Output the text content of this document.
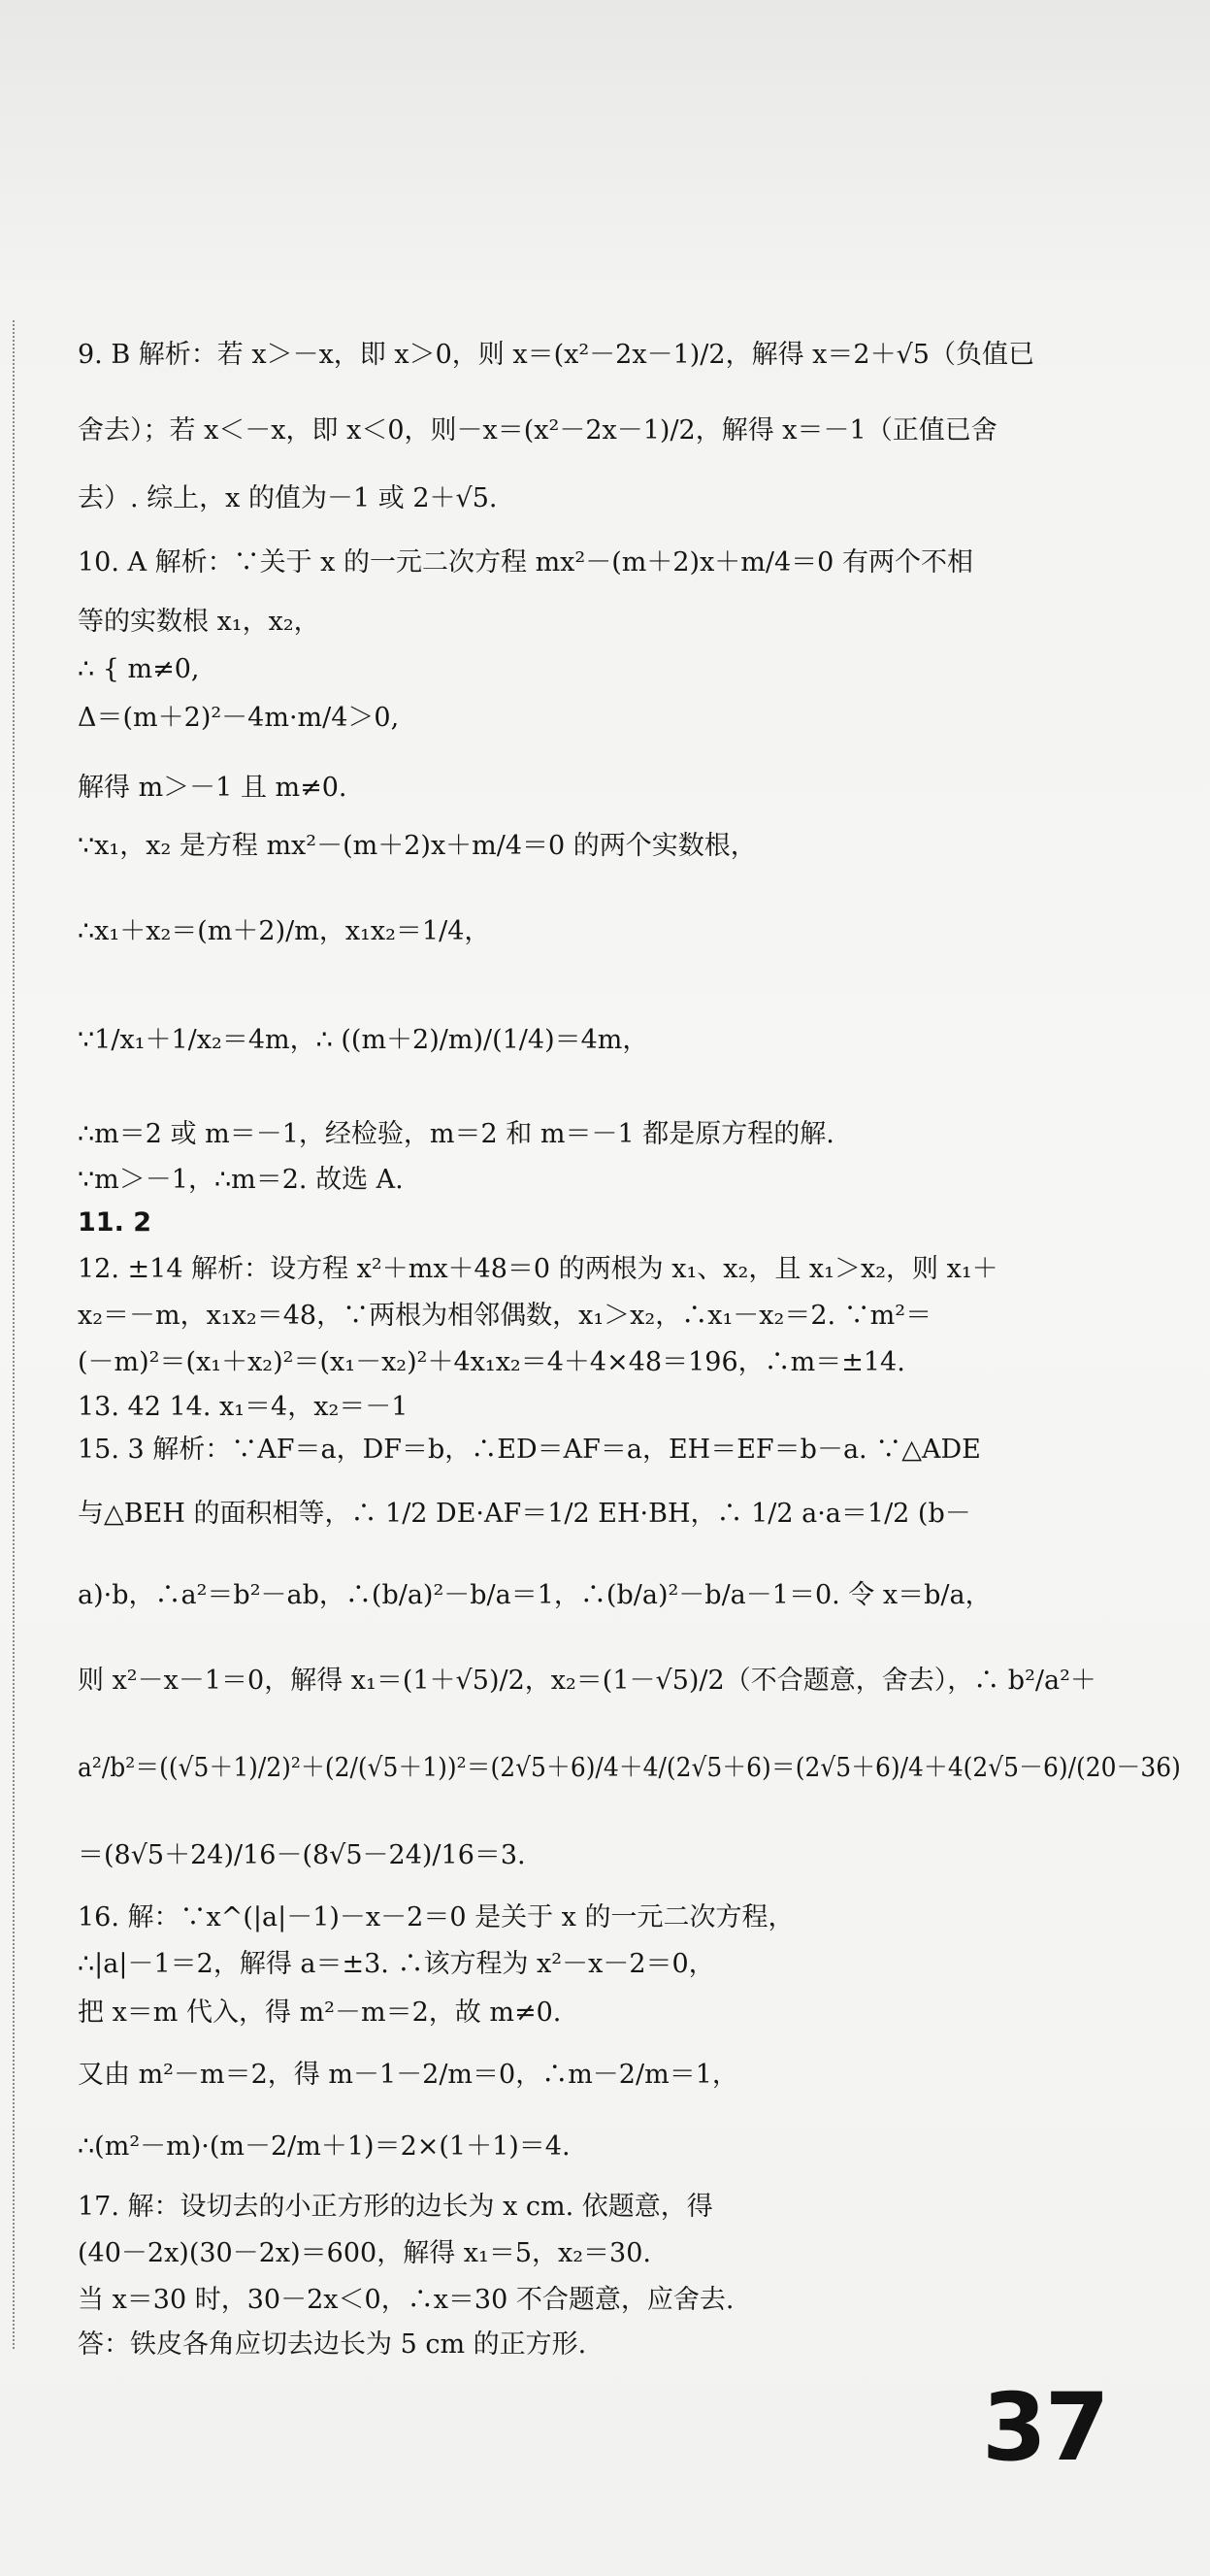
9. B 解析：若 x＞－x，即 x＞0，则 x＝(x²－2x－1)/2，解得 x＝2＋√5（负值已
舍去）；若 x＜－x，即 x＜0，则－x＝(x²－2x－1)/2，解得 x＝－1（正值已舍
去）. 综上，x 的值为－1 或 2＋√5.
10. A 解析：∵关于 x 的一元二次方程 mx²－(m＋2)x＋m/4＝0 有两个不相
等的实数根 x₁，x₂，
∴ { m≠0,
Δ＝(m＋2)²－4m·m/4＞0,
解得 m＞－1 且 m≠0.
∵x₁，x₂ 是方程 mx²－(m＋2)x＋m/4＝0 的两个实数根，
∴x₁＋x₂＝(m＋2)/m，x₁x₂＝1/4，
∵1/x₁＋1/x₂＝4m，∴ ((m＋2)/m)/(1/4)＝4m，
∴m＝2 或 m＝－1，经检验，m＝2 和 m＝－1 都是原方程的解.
∵m＞－1，∴m＝2. 故选 A.
11. 2
12. ±14 解析：设方程 x²＋mx＋48＝0 的两根为 x₁、x₂，且 x₁＞x₂，则 x₁＋
x₂＝－m，x₁x₂＝48，∵两根为相邻偶数，x₁＞x₂，∴x₁－x₂＝2. ∵m²＝
(－m)²＝(x₁＋x₂)²＝(x₁－x₂)²＋4x₁x₂＝4＋4×48＝196，∴m＝±14.
13. 42 14. x₁＝4，x₂＝－1
15. 3 解析：∵AF＝a，DF＝b，∴ED＝AF＝a，EH＝EF＝b－a. ∵△ADE
与△BEH 的面积相等，∴ 1/2 DE·AF＝1/2 EH·BH，∴ 1/2 a·a＝1/2 (b－
a)·b，∴a²＝b²－ab，∴(b/a)²－b/a＝1，∴(b/a)²－b/a－1＝0. 令 x＝b/a，
则 x²－x－1＝0，解得 x₁＝(1＋√5)/2，x₂＝(1－√5)/2（不合题意，舍去），∴ b²/a²＋
a²/b²＝((√5＋1)/2)²＋(2/(√5＋1))²＝(2√5＋6)/4＋4/(2√5＋6)＝(2√5＋6)/4＋4(2√5－6)/(20－36)
＝(8√5＋24)/16－(8√5－24)/16＝3.
16. 解：∵x^(|a|－1)－x－2＝0 是关于 x 的一元二次方程，
∴|a|－1＝2，解得 a＝±3. ∴该方程为 x²－x－2＝0，
把 x＝m 代入，得 m²－m＝2，故 m≠0.
又由 m²－m＝2，得 m－1－2/m＝0，∴m－2/m＝1，
∴(m²－m)·(m－2/m＋1)＝2×(1＋1)＝4.
17. 解：设切去的小正方形的边长为 x cm. 依题意，得
(40－2x)(30－2x)＝600，解得 x₁＝5，x₂＝30.
当 x＝30 时，30－2x＜0，∴x＝30 不合题意，应舍去.
答：铁皮各角应切去边长为 5 cm 的正方形.
37
